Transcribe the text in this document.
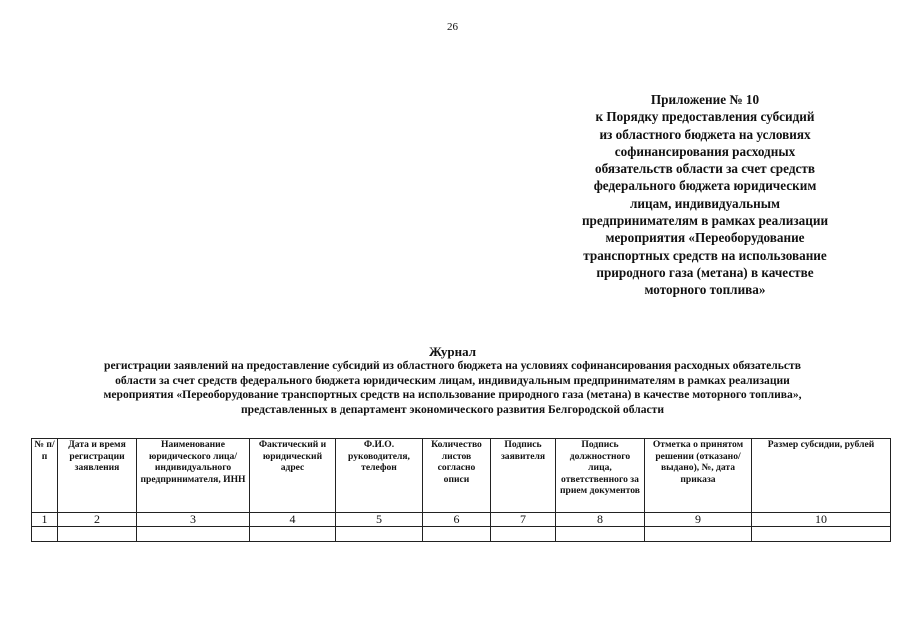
26
Приложение № 10
к Порядку предоставления субсидий
из областного бюджета на условиях
софинансирования расходных
обязательств области за счет средств
федерального бюджета юридическим
лицам, индивидуальным
предпринимателям в рамках реализации
мероприятия «Переоборудование
транспортных средств на использование
природного газа (метана) в качестве
моторного топлива»
Журнал
регистрации заявлений на предоставление субсидий из областного бюджета на условиях софинансирования расходных обязательств
области за счет средств федерального бюджета юридическим лицам, индивидуальным предпринимателям в рамках реализации
мероприятия «Переоборудование транспортных средств на использование природного газа (метана) в качестве моторного топлива»,
представленных в департамент экономического развития Белгородской области
№ п/п	Дата и время регистрации заявления	Наименование юридического лица/ индивидуального предпринимателя, ИНН	Фактический и юридический адрес	Ф.И.О. руководителя, телефон	Количество листов согласно описи	Подпись заявителя	Подпись должностного лица, ответственного за прием документов	Отметка о принятом решении (отказано/выдано), №, дата приказа	Размер субсидии, рублей
1	2	3	4	5	6	7	8	9	10
